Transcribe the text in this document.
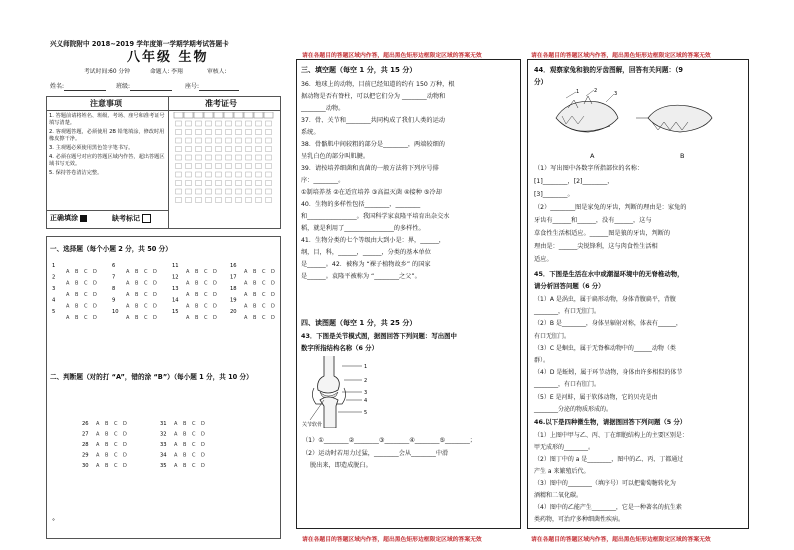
兴义师院附中 2018~2019 学年度第一学期学期考试答题卡
八年级 生物
考试时间:60 分钟	命题人: 李翔	审核人:
姓名:	班级:	座号:
注意事项	准考证号
1. 答题前请将姓名、班级、考场、座号和准考证号填写清楚。
2. 客观题答题，必须使用 2B 铅笔填涂，修改时用橡皮擦干净。
3. 主观题必须使用黑色签字笔书写。
4. 必须在题号对应的答题区域内作答，超出答题区域书写无效。
5. 保持答卷清洁完整。
正确填涂	缺考标记
一、选择题（每个小题 2 分，共 50 分）
1
A B C D
2
A B C D
3
A B C D
4
A B C D
5
A B C D
6
A B C D
7
A B C D
8
A B C D
9
A B C D
10
A B C D
11
A B C D
12
A B C D
13
A B C D
14
A B C D
15
A B C D
16
A B C D
17
A B C D
18
A B C D
19
A B C D
20
A B C D
二、判断题（对的打 “A”，错的涂 “B”）（每小题 1 分，共 10 分）
26 A B C D
27 A B C D
28 A B C D
29 A B C D
30 A B C D
31 A B C D
32 A B C D
33 A B C D
34 A B C D
35 A B C D
°
请在各题目的答题区域内作答，超出黑色矩形边框限定区域的答案无效
请在各题目的答题区域内作答，超出黑色矩形边框限定区域的答案无效
三、填空题（每空 1 分，共 15 分）
36．地球上的动物，目前已经知道的约有 150 万种，根
据动物是否有脊柱，可以把它们分为 ________动物和
________动物。
37．骨、关节和________共同构成了我们人类的运动
系统。
38．骨骼肌中间较粗的部分是________，两端较细的
呈乳白色的部分叫肌腱。
39．请按培养细菌和真菌的一般方法将下列序号排
序：________。
①制培养基 ②在适宜培养 ③高温灭菌 ④接种 ⑤冷却
40．生物的多样性包括________、________
和________________。我国科学家袁隆平培育出杂交水
稻，就是利用了________________的多样性。
41．生物分类的七个等级由大到小是：界，______，
纲，目，科，______，______，分类的基本单位
是______。42．被称为 “裸子植物故乡” 的国家
是______。袁隆平被称为 “________之父”。
四、读图题（每空 1 分，共 25 分）
43．下图是关节模式图，据图回答下列问题：写出图中
数字所指结构名称（6 分）
1
2
3
4
5
关节软骨
（1）①________②________③________④________⑤________；
（2）运动时若用力过猛，________会从________中滑
脱出来，即造成脱臼。
请在各题目的答题区域内作答，超出黑色矩形边框限定区域的答案无效
请在各题目的答题区域内作答，超出黑色矩形边框限定区域的答案无效
44．观察家兔和狼的牙齿图解，回答有关问题：（9
分）
1	2	3
A	B
（1）写出图中各数字所指部位的名称：
[1]________，[2]________，
[3]________。
（2）________图是家兔的牙齿，判断的理由是：家兔的
牙齿有______和______，没有______，这与
草食性生活相适应。______图是狼的牙齿，判断的
理由是：______尖锐锋利，这与肉食性生活相
适应。
45．下图是生活在水中或潮湿环境中的无脊椎动物，
请分析回答问题（6 分）
（1）A 是涡虫，属于扁形动物，身体背腹扁平，背腹
________，有口无肛门。
（2）B 是________，身体呈辐射对称，体表有______，
有口无肛门。
（3）C 是蛔虫，属于无脊椎动物中的______动物（类
群）。
（4）D 是蚯蚓，属于环节动物，身体由许多相似的体节
________，有口有肛门。
（5）E 是河蚌，属于软体动物，它的贝壳是由
________分泌的物质形成的。
46.以下是四种微生物，请据图回答下列问题（5 分）
（1）上图中甲与乙、丙、丁在细胞结构上的主要区别是：
甲无成形的________。
（2）图丁中的 a 是________，图中的乙、丙、丁都通过
产生 a 来繁殖后代。
（3）图中的________（填序号）可以把葡萄糖转化为
酒精和二氧化碳。
（4）图中的乙能产生________，它是一种著名的抗生素
类药物，可治疗多种细菌性疾病。
